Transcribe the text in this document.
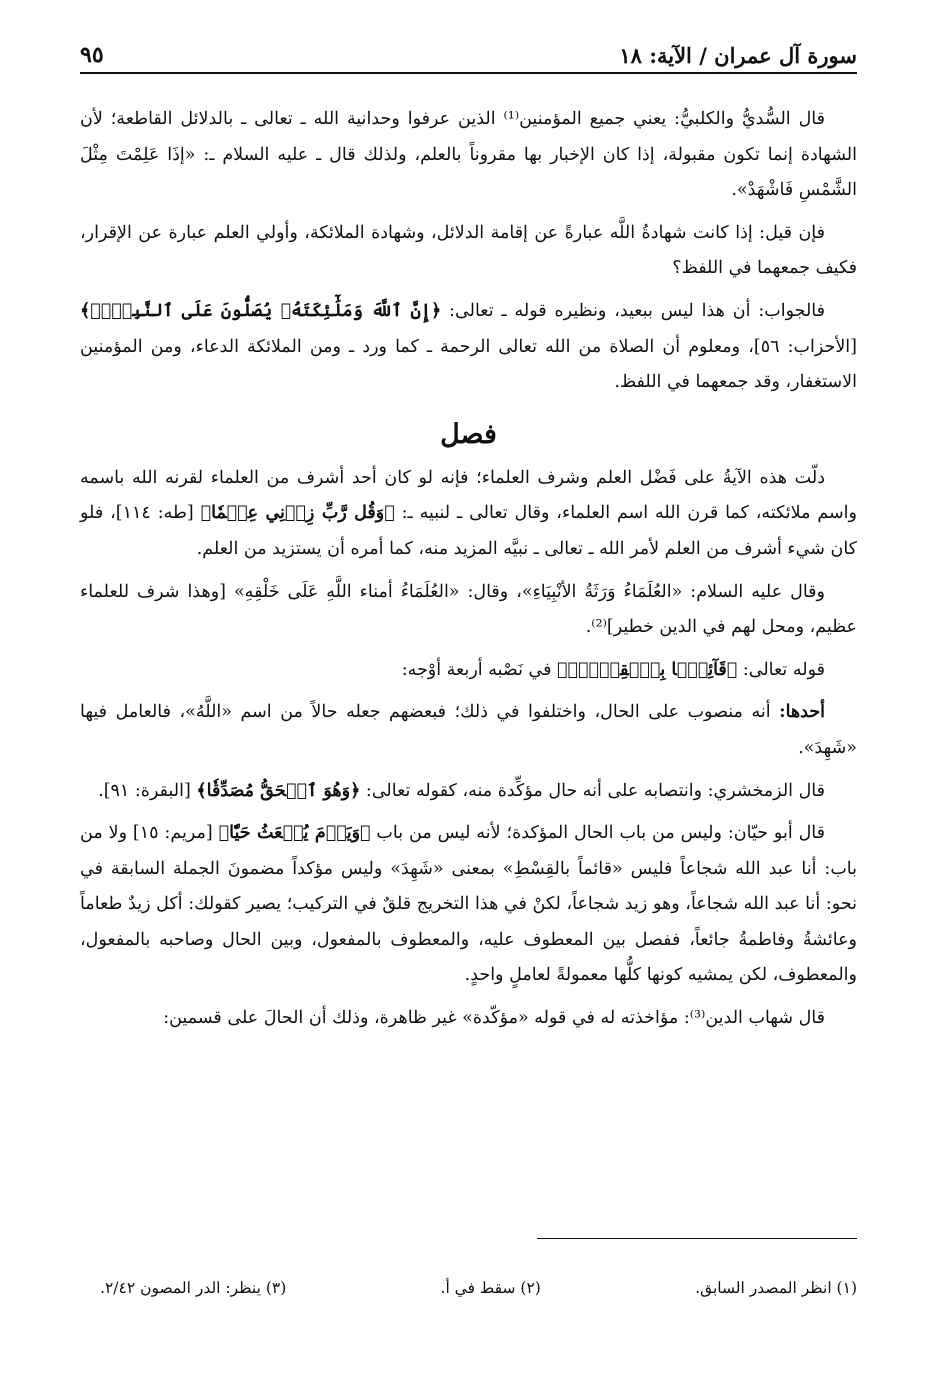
سورة آل عمران / الآية: ١٨
٩٥

قال السُّديُّ والكلبيُّ: يعني جميع المؤمنين⁽¹⁾ الذين عرفوا وحدانية الله ـ تعالى ـ بالدلائل القاطعة؛ لأن الشهادة إنما تكون مقبولة، إذا كان الإخبار بها مقروناً بالعلم، ولذلك قال ـ عليه السلام ـ: «إذَا عَلِمْتَ مِثْلَ الشَّمْسِ فَاشْهَدْ».

فإن قيل: إذا كانت شهادةُ اللَّه عبارةً عن إقامة الدلائل، وشهادة الملائكة، وأولي العلم عبارة عن الإقرار، فكيف جمعهما في اللفظ؟

فالجواب: أن هذا ليس ببعيد، ونظيره قوله ـ تعالى: ﴿إِنَّ ٱللَّهَ وَمَلَٰٓئِكَتَهُۥ يُصَلُّونَ عَلَى ٱلنَّبِيِّۚ﴾ [الأحزاب: ٥٦]، ومعلوم أن الصلاة من الله تعالى الرحمة ـ كما ورد ـ ومن الملائكة الدعاء، ومن المؤمنين الاستغفار، وقد جمعهما في اللفظ.

فصل

دلّت هذه الآيةُ على فَضْل العلم وشرف العلماء؛ فإنه لو كان أحد أشرف من العلماء لقرنه الله باسمه واسم ملائكته، كما قرن الله اسم العلماء، وقال تعالى ـ لنبيه ـ: ﴿وَقُل رَّبِّ زِدۡنِي عِلۡمٗا﴾ [طه: ١١٤]، فلو كان شيء أشرف من العلم لأمر الله ـ تعالى ـ نبيَّه المزيد منه، كما أمره أن يستزيد من العلم.

وقال عليه السلام: «العُلَمَاءُ وَرَثَةُ الأنْبِيَاءِ»، وقال: «العُلَمَاءُ أمناء اللَّهِ عَلَى خَلْقِهِ» [وهذا شرف للعلماء عظيم، ومحل لهم في الدين خطير]⁽²⁾.

قوله تعالى: ﴿قَآئِمَۢا بِٱلۡقِسۡطِۚ﴾ في نَصْبه أربعة أوْجه:

أحدها: أنه منصوب على الحال، واختلفوا في ذلك؛ فبعضهم جعله حالاً من اسم «اللَّهُ»، فالعامل فيها «شَهِدَ».

قال الزمخشري: وانتصابه على أنه حال مؤكِّدة منه، كقوله تعالى: ﴿وَهُوَ ٱلۡحَقُّ مُصَدِّقٗا﴾ [البقرة: ٩١].

قال أبو حيّان: وليس من باب الحال المؤكدة؛ لأنه ليس من باب ﴿وَيَوۡمَ يُبۡعَثُ حَيّٗا﴾ [مريم: ١٥] ولا من باب: أنا عبد الله شجاعاً فليس «قائماً بالقِسْطِ» بمعنى «شَهِدَ» وليس مؤكداً مضمونَ الجملة السابقة في نحو: أنا عبد الله شجاعاً، وهو زيد شجاعاً، لكنْ في هذا التخريج قلقٌ في التركيب؛ يصير كقولك: أكل زيدٌ طعاماً وعائشةُ وفاطمةُ جائعاً، ففصل بين المعطوف عليه، والمعطوف بالمفعول، وبين الحال وصاحبه بالمفعول، والمعطوف، لكن يمشيه كونها كلُّها معمولةً لعاملٍ واحدٍ.

قال شهاب الدين⁽³⁾: مؤاخذته له في قوله «مؤكّدة» غير ظاهرة، وذلك أن الحالَ على قسمين:

(١) انظر المصدر السابق.
(٢) سقط في أ.
(٣) ينظر: الدر المصون ٢/٤٢.
